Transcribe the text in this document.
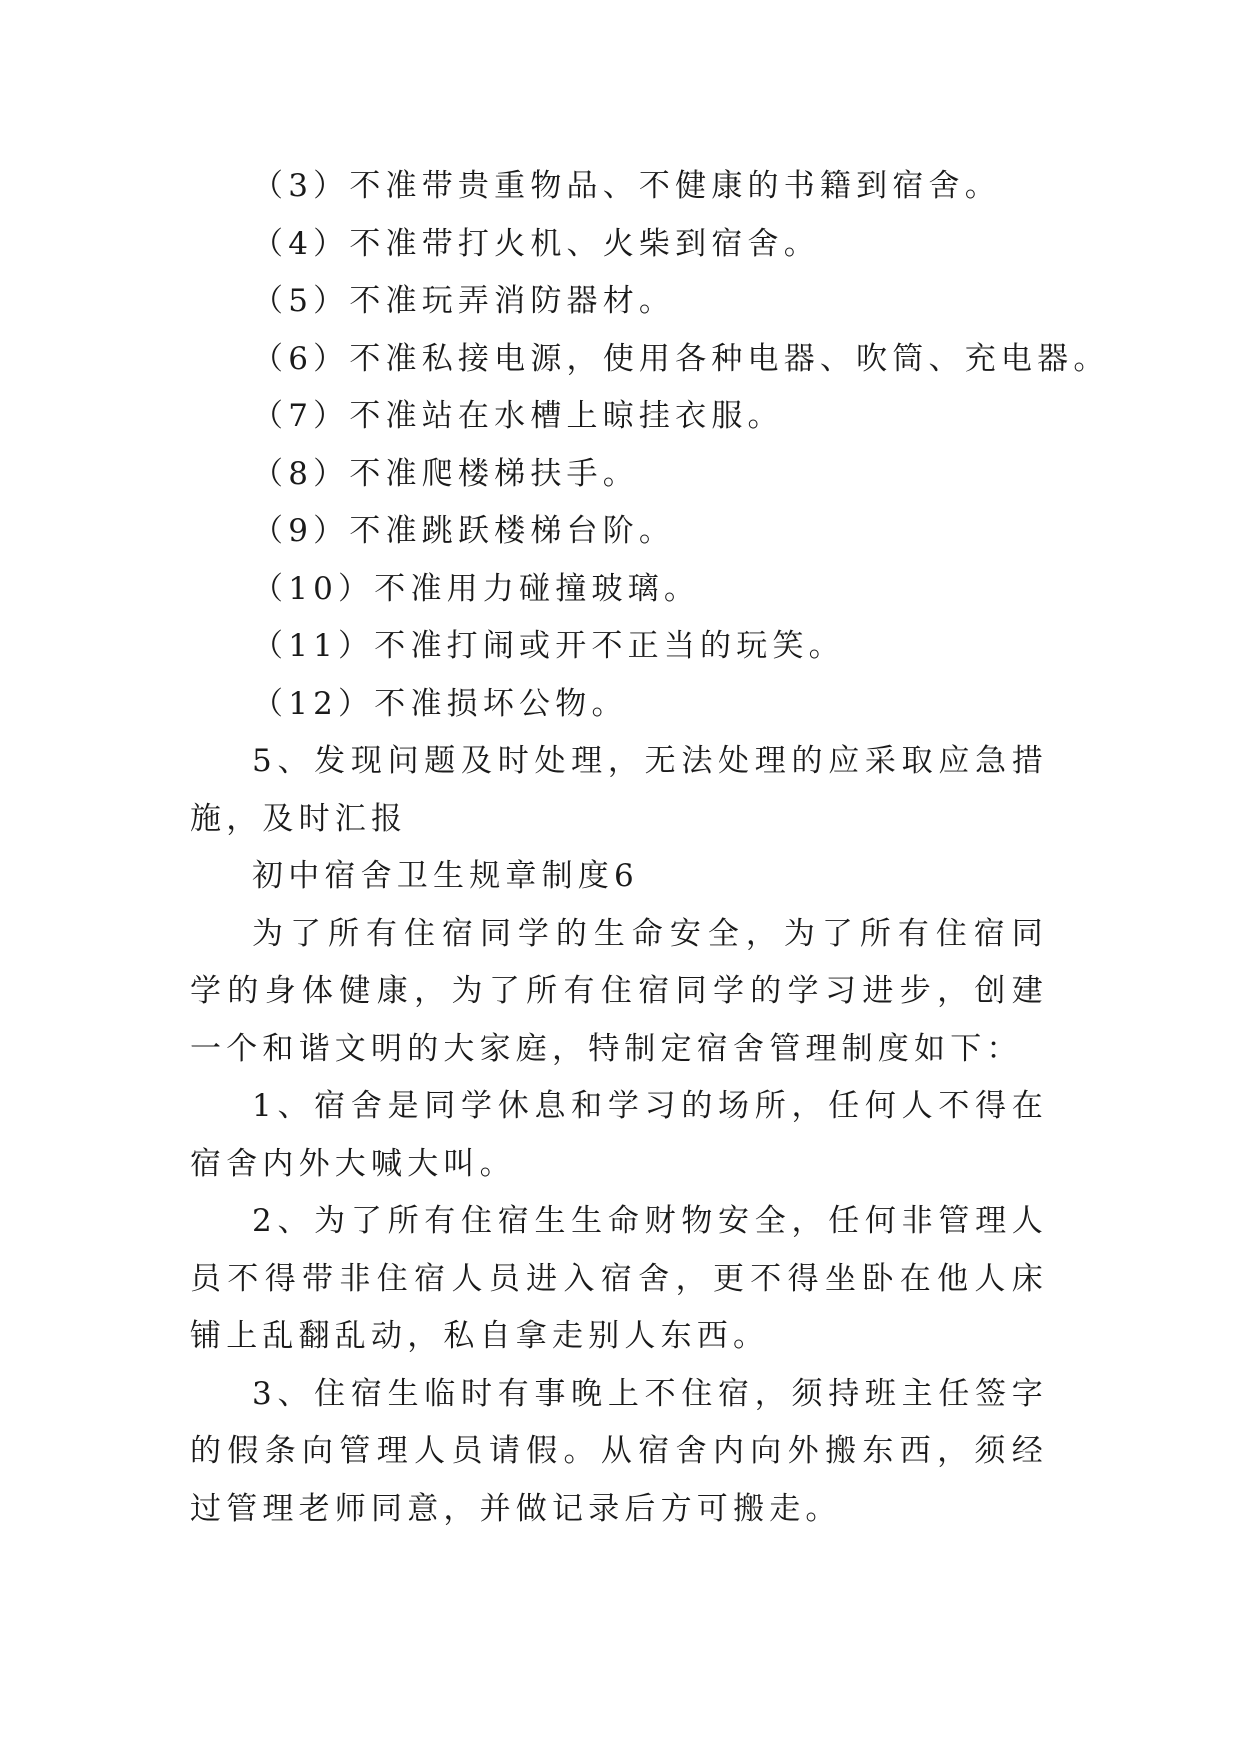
（3）不准带贵重物品、不健康的书籍到宿舍。

（4）不准带打火机、火柴到宿舍。

（5）不准玩弄消防器材。

（6）不准私接电源，使用各种电器、吹筒、充电器。

（7）不准站在水槽上晾挂衣服。

（8）不准爬楼梯扶手。

（9）不准跳跃楼梯台阶。

（10）不准用力碰撞玻璃。

（11）不准打闹或开不正当的玩笑。

（12）不准损坏公物。

5、发现问题及时处理，无法处理的应采取应急措施，及时汇报

初中宿舍卫生规章制度6

为了所有住宿同学的生命安全，为了所有住宿同学的身体健康，为了所有住宿同学的学习进步，创建一个和谐文明的大家庭，特制定宿舍管理制度如下：

1、宿舍是同学休息和学习的场所，任何人不得在宿舍内外大喊大叫。

2、为了所有住宿生生命财物安全，任何非管理人员不得带非住宿人员进入宿舍，更不得坐卧在他人床铺上乱翻乱动，私自拿走别人东西。

3、住宿生临时有事晚上不住宿，须持班主任签字的假条向管理人员请假。从宿舍内向外搬东西，须经过管理老师同意，并做记录后方可搬走。
